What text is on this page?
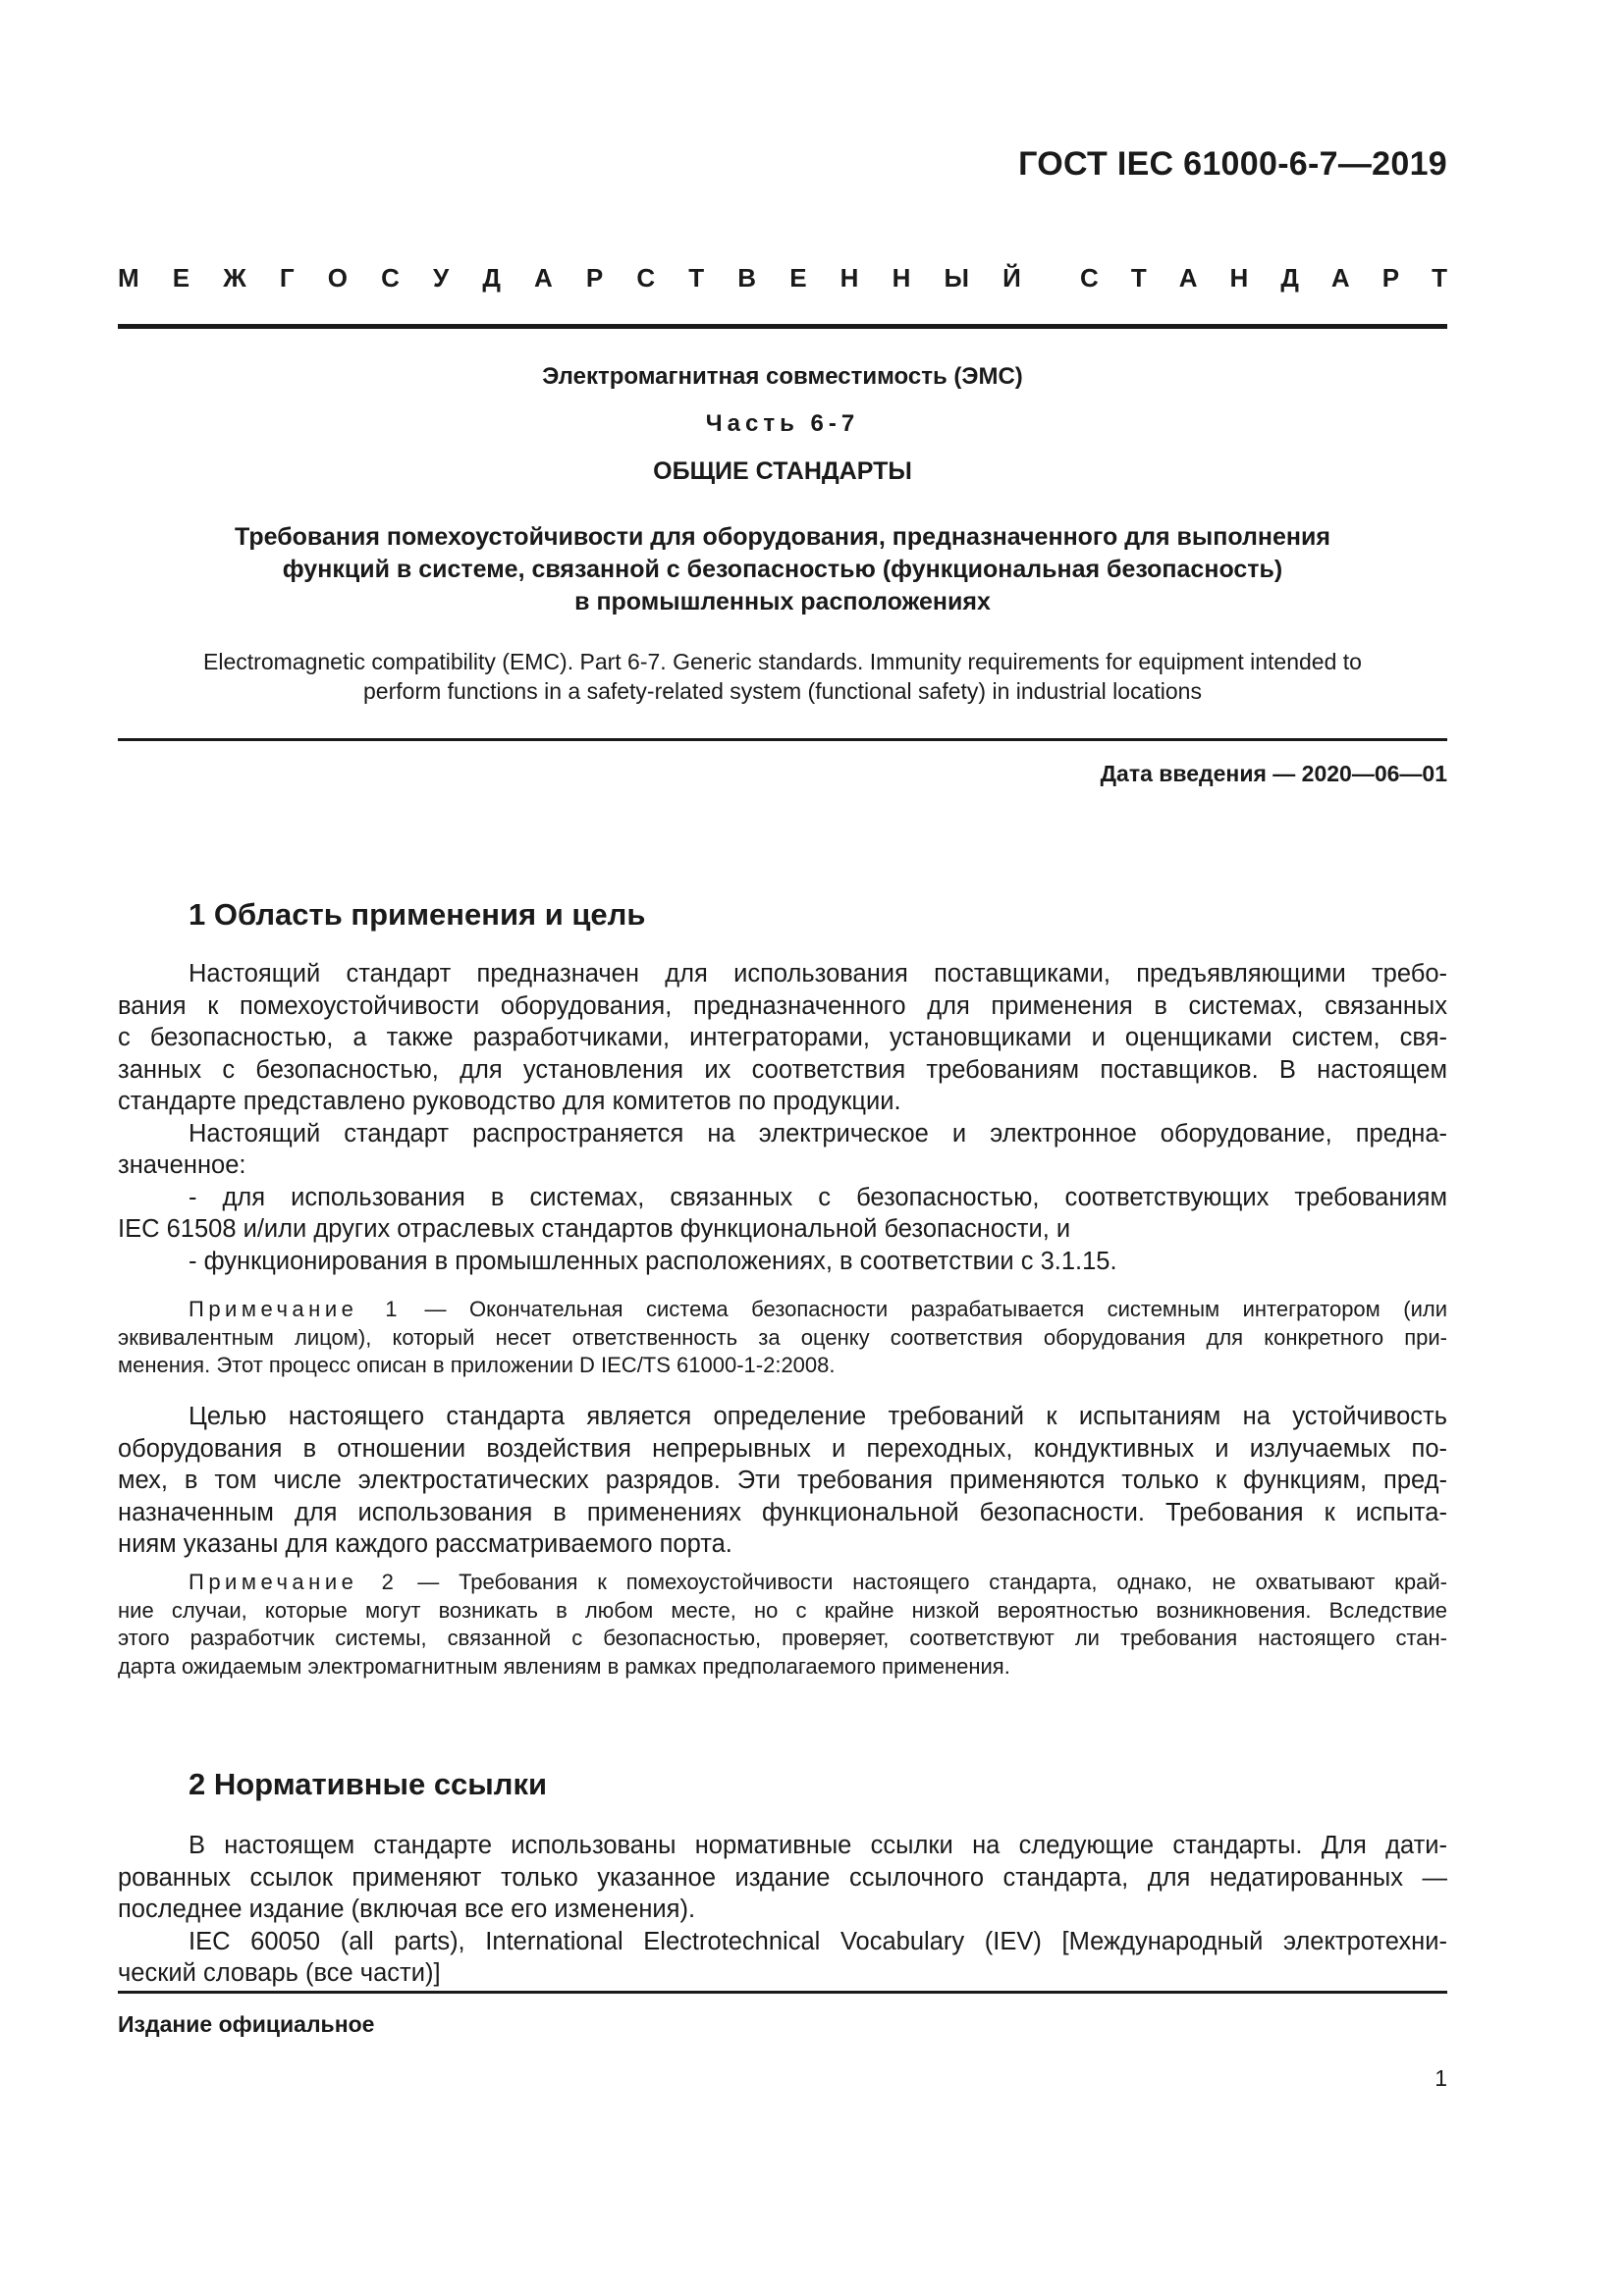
ГОСТ IEC 61000-6-7—2019
М Е Ж Г О С У Д А Р С Т В Е Н Н Ы Й С Т А Н Д А Р Т
Электромагнитная совместимость (ЭМС)
Часть 6-7
ОБЩИЕ СТАНДАРТЫ
Требования помехоустойчивости для оборудования, предназначенного для выполнения
функций в системе, связанной с безопасностью (функциональная безопасность)
в промышленных расположениях
Electromagnetic compatibility (EMC). Part 6-7. Generic standards. Immunity requirements for equipment intended to
perform functions in a safety-related system (functional safety) in industrial locations
Дата введения — 2020—06—01
1 Область применения и цель
Настоящий стандарт предназначен для использования поставщиками, предъявляющими требо-
вания к помехоустойчивости оборудования, предназначенного для применения в системах, связанных
с безопасностью, а также разработчиками, интеграторами, установщиками и оценщиками систем, свя-
занных с безопасностью, для установления их соответствия требованиям поставщиков. В настоящем
стандарте представлено руководство для комитетов по продукции.
Настоящий стандарт распространяется на электрическое и электронное оборудование, предна-
значенное:
- для использования в системах, связанных с безопасностью, соответствующих требованиям
IEC 61508 и/или других отраслевых стандартов функциональной безопасности, и
- функционирования в промышленных расположениях, в соответствии с 3.1.15.
Примечание 1 — Окончательная система безопасности разрабатывается системным интегратором (или
эквивалентным лицом), который несет ответственность за оценку соответствия оборудования для конкретного при-
менения. Этот процесс описан в приложении D IEC/TS 61000-1-2:2008.
Целью настоящего стандарта является определение требований к испытаниям на устойчивость
оборудования в отношении воздействия непрерывных и переходных, кондуктивных и излучаемых по-
мех, в том числе электростатических разрядов. Эти требования применяются только к функциям, пред-
назначенным для использования в применениях функциональной безопасности. Требования к испыта-
ниям указаны для каждого рассматриваемого порта.
Примечание 2 — Требования к помехоустойчивости настоящего стандарта, однако, не охватывают край-
ние случаи, которые могут возникать в любом месте, но с крайне низкой вероятностью возникновения. Вследствие
этого разработчик системы, связанной с безопасностью, проверяет, соответствуют ли требования настоящего стан-
дарта ожидаемым электромагнитным явлениям в рамках предполагаемого применения.
2 Нормативные ссылки
В настоящем стандарте использованы нормативные ссылки на следующие стандарты. Для дати-
рованных ссылок применяют только указанное издание ссылочного стандарта, для недатированных —
последнее издание (включая все его изменения).
IEC 60050 (all parts), International Electrotechnical Vocabulary (IEV) [Международный электротехни-
ческий словарь (все части)]
Издание официальное
1
